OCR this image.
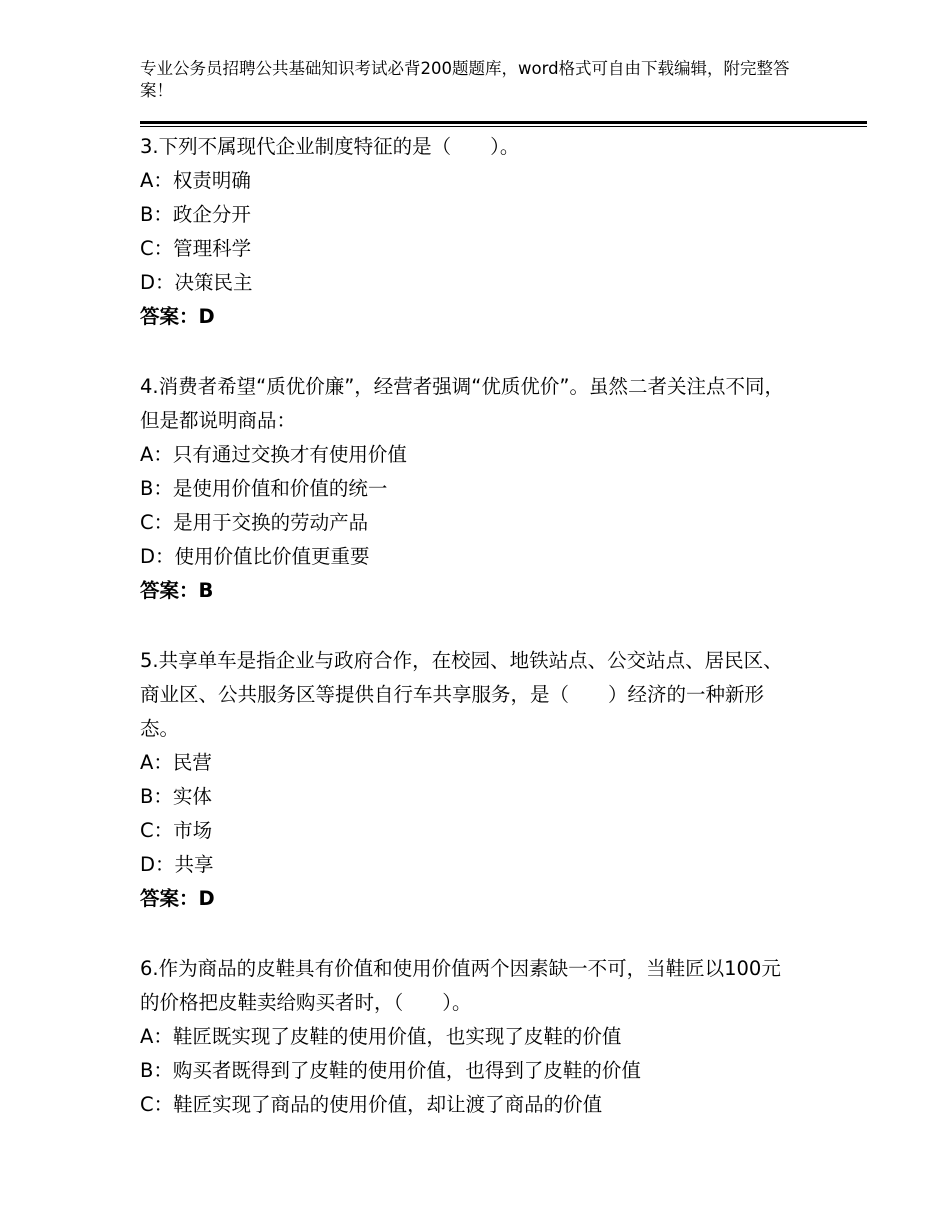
专业公务员招聘公共基础知识考试必背200题题库，word格式可自由下载编辑，附完整答案！
3.下列不属现代企业制度特征的是（　　）。
A：权责明确
B：政企分开
C：管理科学
D：决策民主
答案：D
4.消费者希望“质优价廉”，经营者强调“优质优价”。虽然二者关注点不同，但是都说明商品：
A：只有通过交换才有使用价值
B：是使用价值和价值的统一
C：是用于交换的劳动产品
D：使用价值比价值更重要
答案：B
5.共享单车是指企业与政府合作，在校园、地铁站点、公交站点、居民区、商业区、公共服务区等提供自行车共享服务，是（　　）经济的一种新形态。
A：民营
B：实体
C：市场
D：共享
答案：D
6.作为商品的皮鞋具有价值和使用价值两个因素缺一不可，当鞋匠以100元的价格把皮鞋卖给购买者时，（　　）。
A：鞋匠既实现了皮鞋的使用价值，也实现了皮鞋的价值
B：购买者既得到了皮鞋的使用价值，也得到了皮鞋的价值
C：鞋匠实现了商品的使用价值，却让渡了商品的价值
